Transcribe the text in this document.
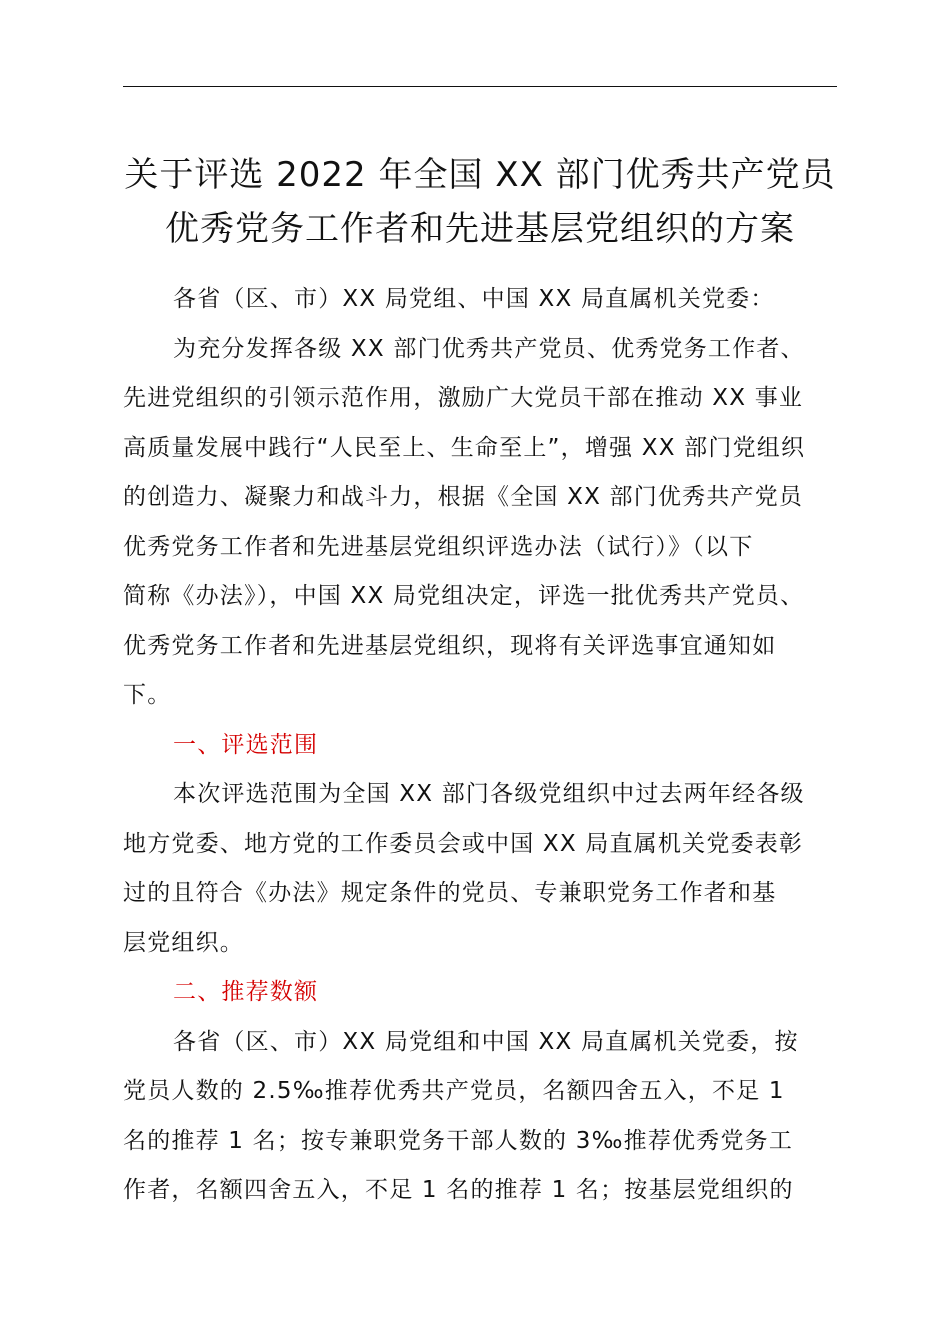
关于评选 2022 年全国 XX 部门优秀共产党员
优秀党务工作者和先进基层党组织的方案
各省（区、市）XX 局党组、中国 XX 局直属机关党委：
为充分发挥各级 XX 部门优秀共产党员、优秀党务工作者、
先进党组织的引领示范作用，激励广大党员干部在推动 XX 事业
高质量发展中践行“人民至上、生命至上”，增强 XX 部门党组织
的创造力、凝聚力和战斗力，根据《全国 XX 部门优秀共产党员
优秀党务工作者和先进基层党组织评选办法（试行）》（以下
简称《办法》），中国 XX 局党组决定，评选一批优秀共产党员、
优秀党务工作者和先进基层党组织，现将有关评选事宜通知如
下。
一、评选范围
本次评选范围为全国 XX 部门各级党组织中过去两年经各级
地方党委、地方党的工作委员会或中国 XX 局直属机关党委表彰
过的且符合《办法》规定条件的党员、专兼职党务工作者和基
层党组织。
二、推荐数额
各省（区、市）XX 局党组和中国 XX 局直属机关党委，按
党员人数的 2.5‰推荐优秀共产党员，名额四舍五入，不足 1
名的推荐 1 名；按专兼职党务干部人数的 3‰推荐优秀党务工
作者，名额四舍五入，不足 1 名的推荐 1 名；按基层党组织的
